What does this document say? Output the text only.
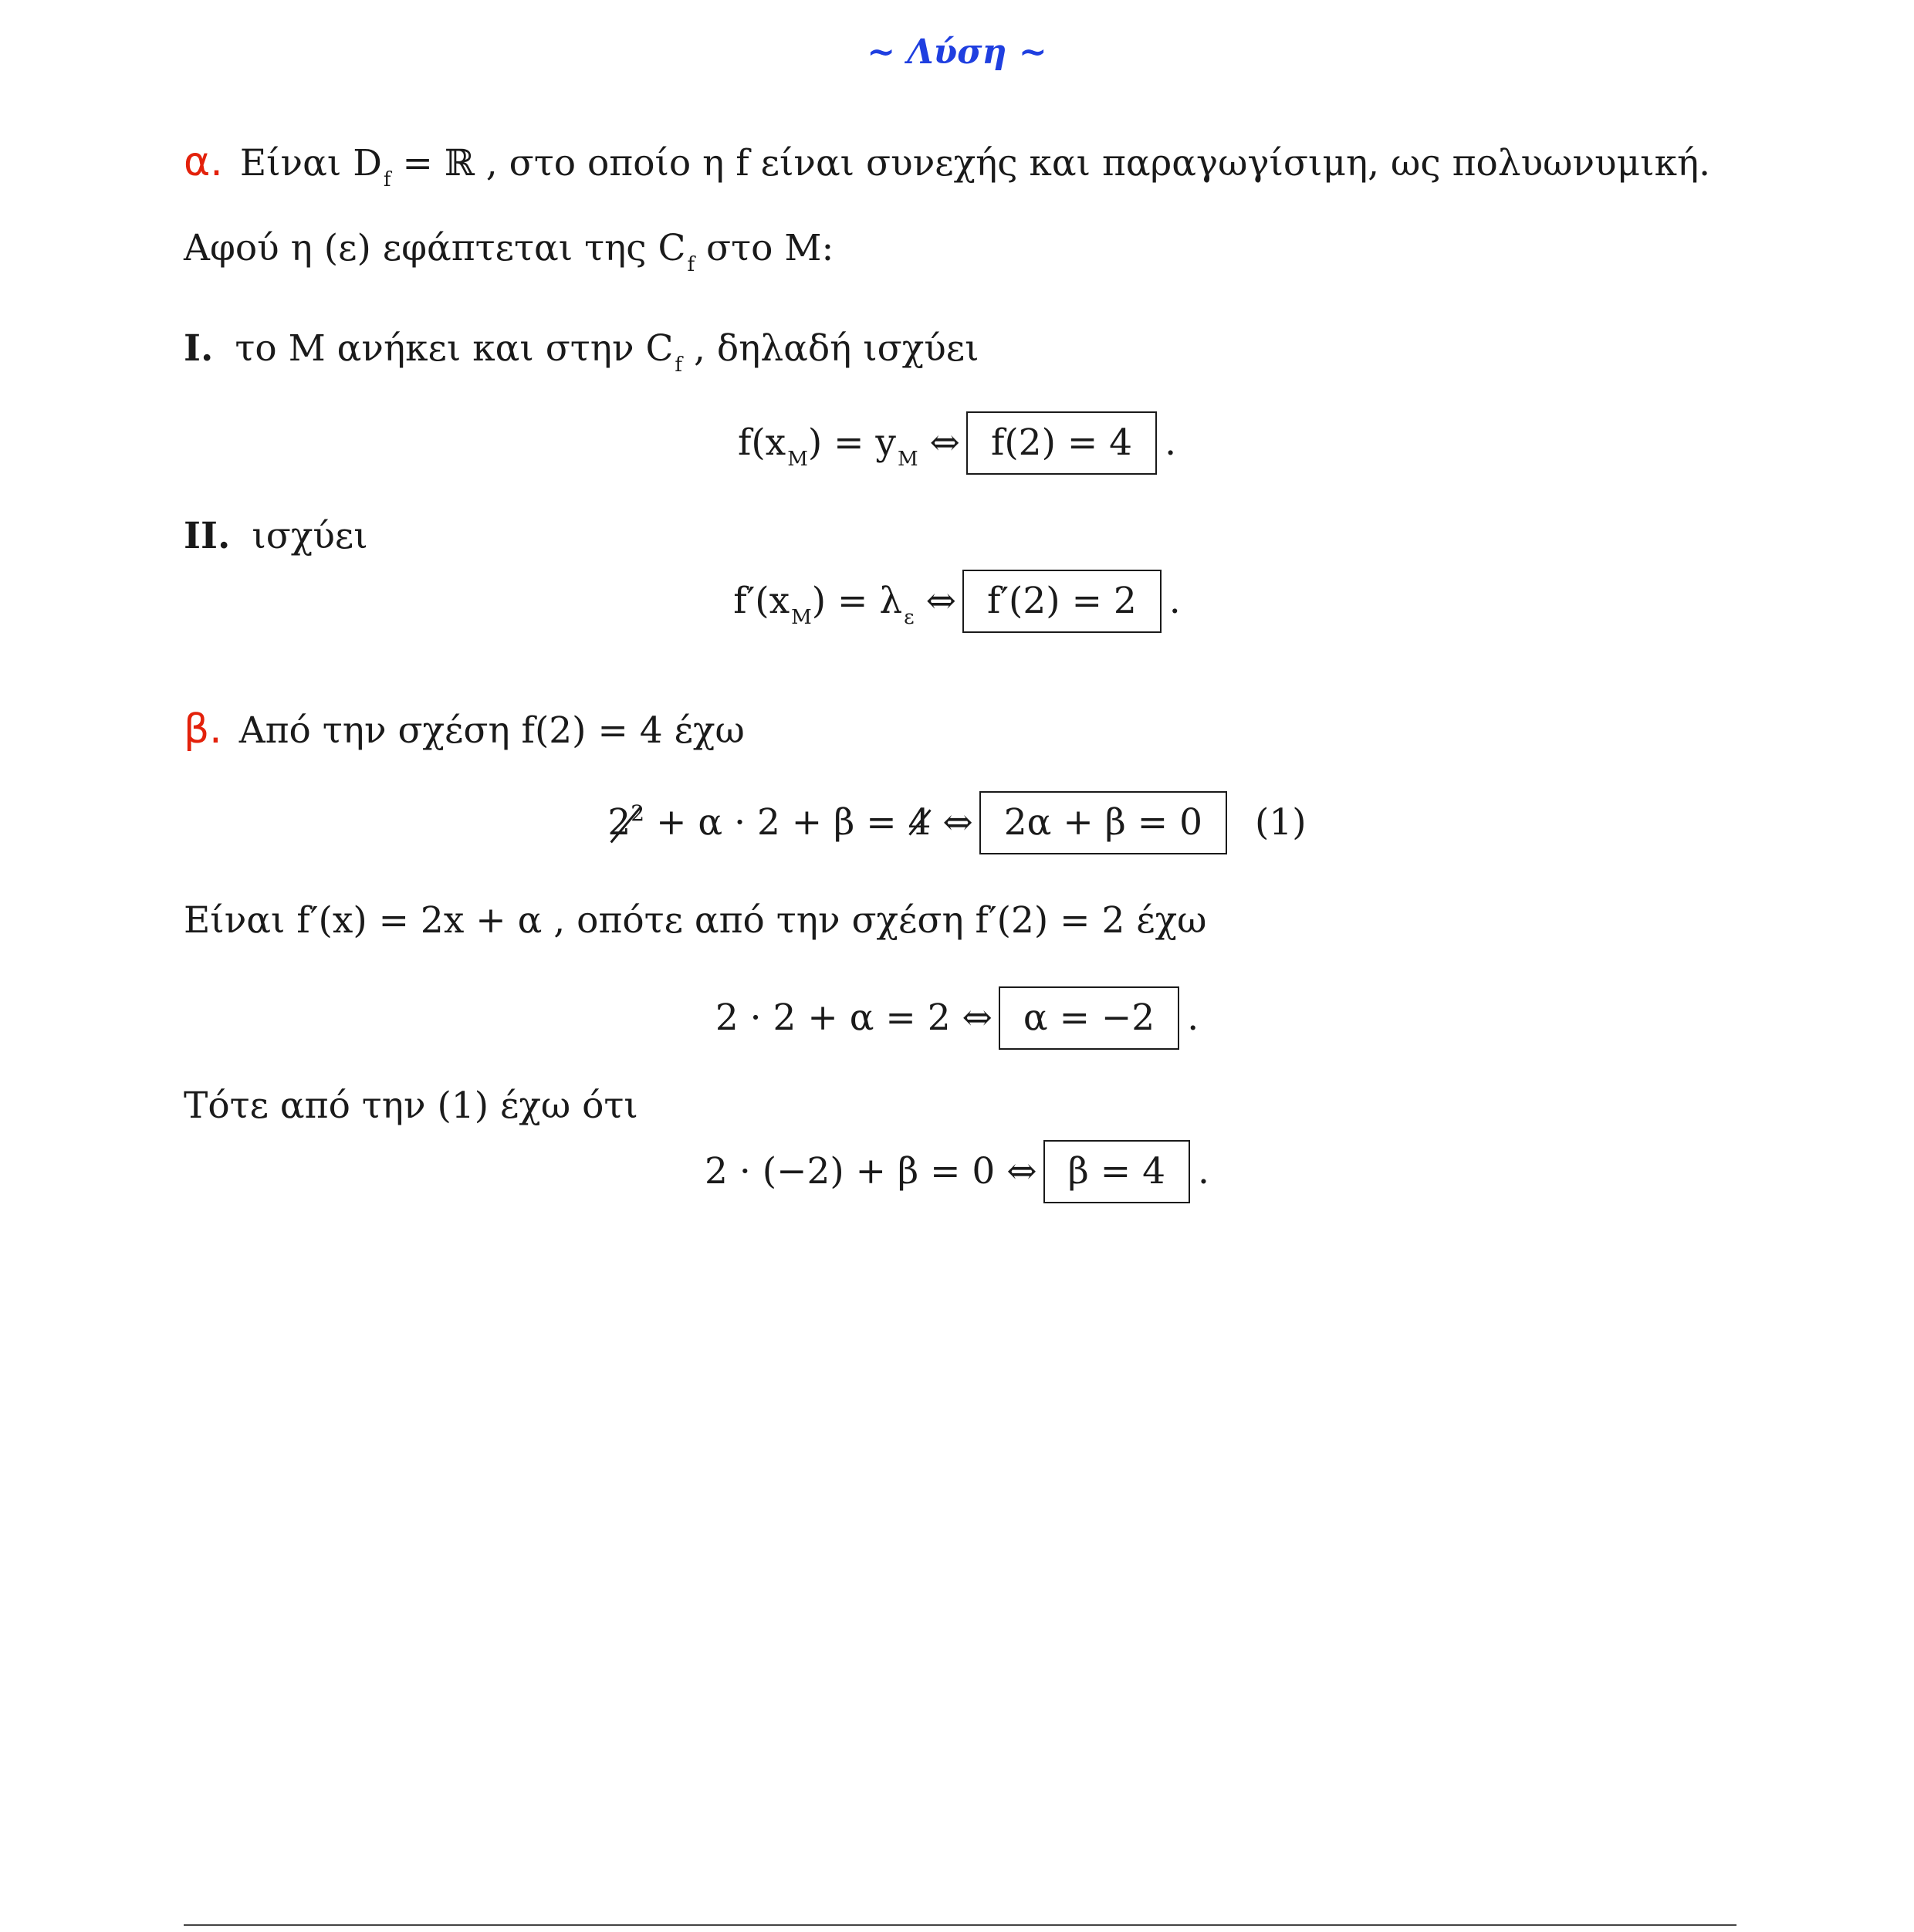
~ Λύση ~
α. Είναι $D_f$ = ℝ , στο οποίο η f είναι συνεχής και παραγωγίσιμη, ως πολυωνυμική.
Αφού η (ε) εφάπτεται της $C_f$ στο M:
I. το M ανήκει και στην $C_f$ , δηλαδή ισχύει
$f(x_M) = y_M$ ⇔ f(2) = 4 .
II. ισχύει
$f'(x_M) = \lambda_\varepsilon$ ⇔ f′(2) = 2 .
β. Από την σχέση f(2) = 4 έχω
$2^2 + \alpha \cdot 2 + \beta = 4$ ⇔ 2α + β = 0 (1)
Είναι f′(x) = 2x + α , οπότε από την σχέση f′(2) = 2 έχω
2 · 2 + α = 2 ⇔ α = −2 .
Τότε από την (1) έχω ότι
2 · (−2) + β = 0 ⇔ β = 4 .
